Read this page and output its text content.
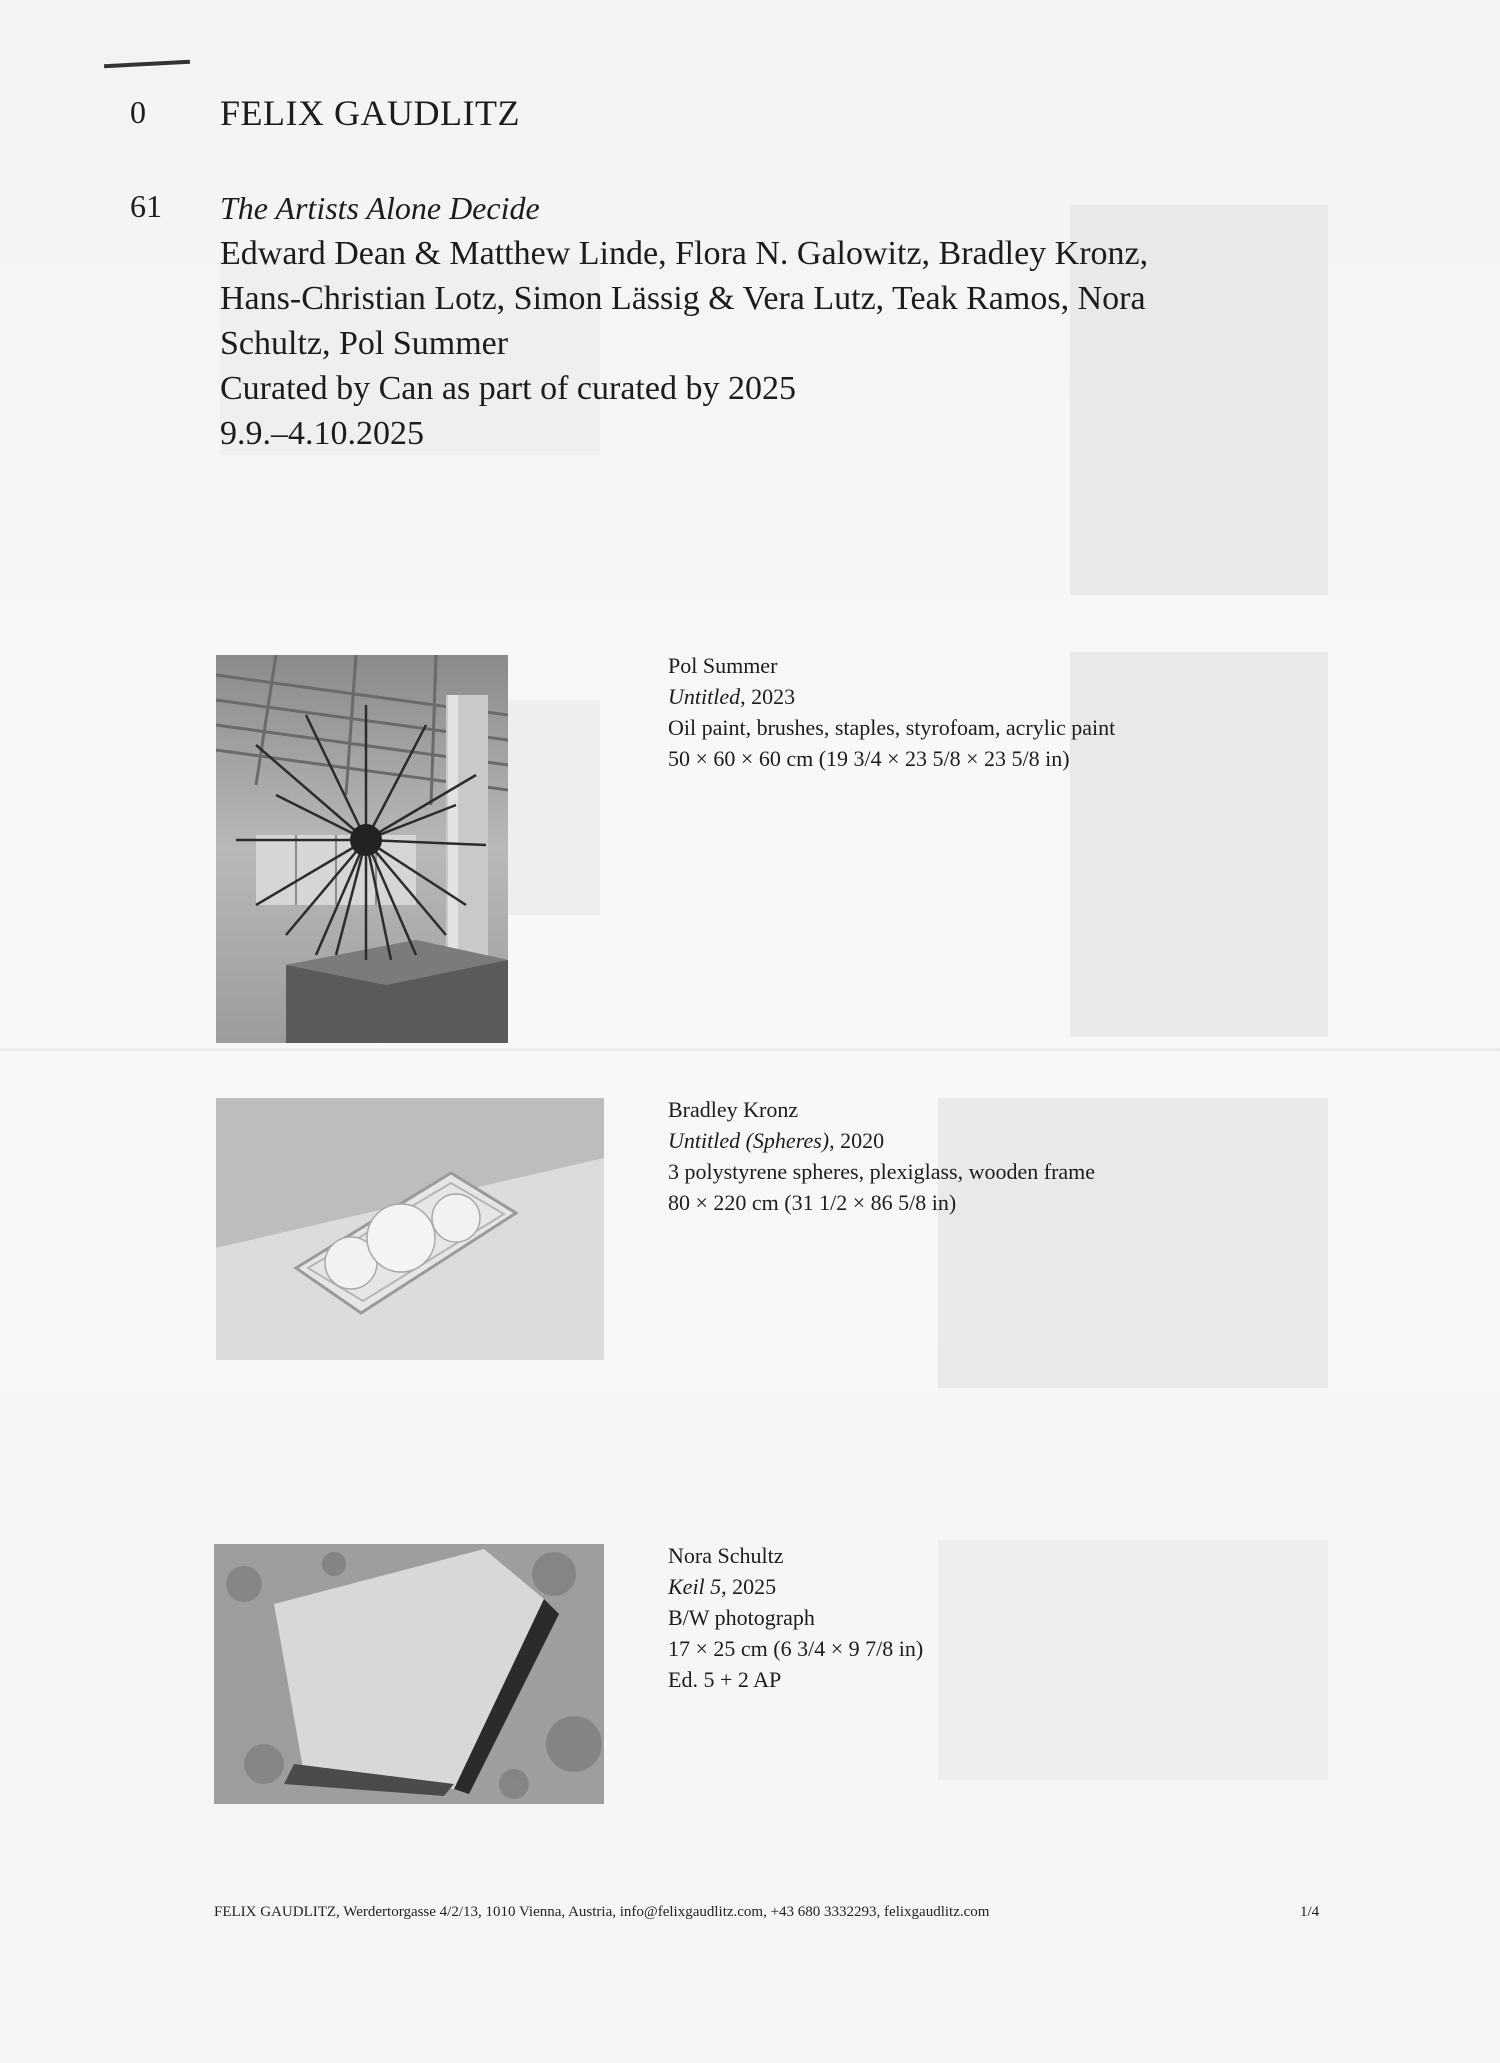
0 FELIX GAUDLITZ
61 The Artists Alone Decide
Edward Dean & Matthew Linde, Flora N. Galowitz, Bradley Kronz,
Hans-Christian Lotz, Simon Lässig & Vera Lutz, Teak Ramos, Nora
Schultz, Pol Summer
Curated by Can as part of curated by 2025
9.9.–4.10.2025
Pol Summer
Untitled, 2023
Oil paint, brushes, staples, styrofoam, acrylic paint
50 × 60 × 60 cm (19 3/4 × 23 5/8 × 23 5/8 in)
Bradley Kronz
Untitled (Spheres), 2020
3 polystyrene spheres, plexiglass, wooden frame
80 × 220 cm (31 1/2 × 86 5/8 in)
Nora Schultz
Keil 5, 2025
B/W photograph
17 × 25 cm (6 3/4 × 9 7/8 in)
Ed. 5 + 2 AP
FELIX GAUDLITZ, Werdertorgasse 4/2/13, 1010 Vienna, Austria, info@felixgaudlitz.com, +43 680 3332293, felixgaudlitz.com	1/4
